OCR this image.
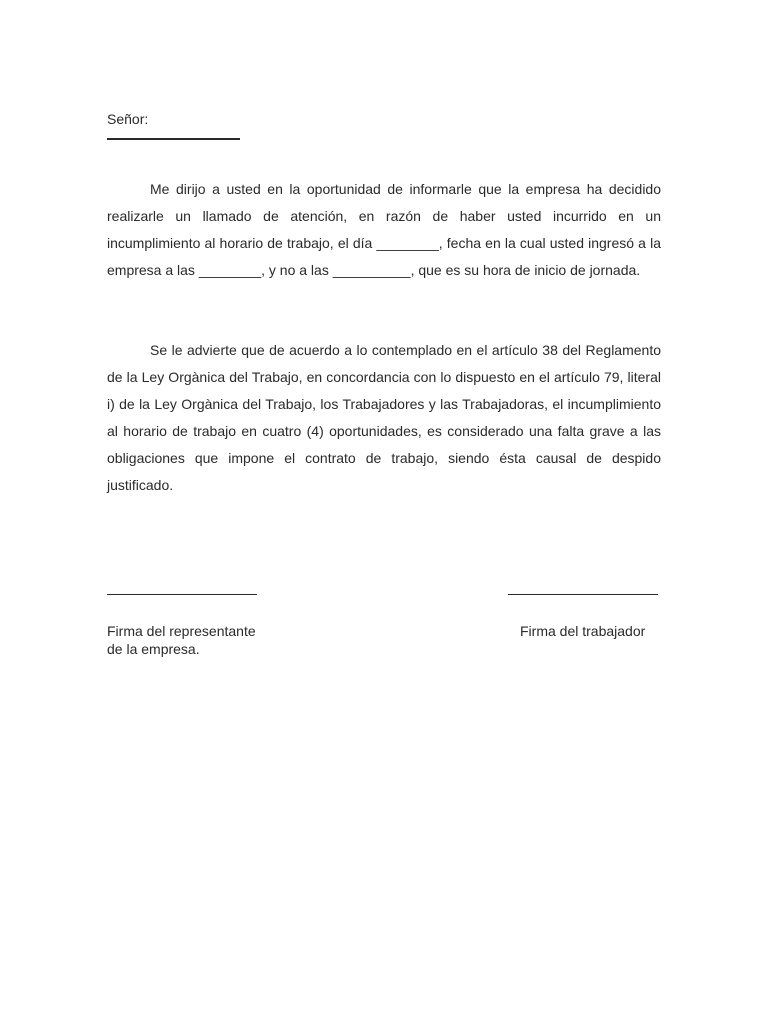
Señor:

Me dirijo a usted en la oportunidad de informarle que la empresa ha decidido realizarle un llamado de atención, en razón de haber usted incurrido en un incumplimiento al horario de trabajo, el día ________, fecha en la cual usted ingresó a la empresa a las ________, y no a las __________, que es su hora de inicio de jornada.

Se le advierte que de acuerdo a lo contemplado en el artículo 38 del Reglamento de la Ley Orgànica del Trabajo, en concordancia con lo dispuesto en el artículo 79, literal i) de la Ley Orgànica del Trabajo, los Trabajadores y las Trabajadoras, el incumplimiento al horario de trabajo en cuatro (4) oportunidades, es considerado una falta grave a las obligaciones que impone el contrato de trabajo, siendo ésta causal de despido justificado.

Firma del representante
de la empresa.
Firma del trabajador
